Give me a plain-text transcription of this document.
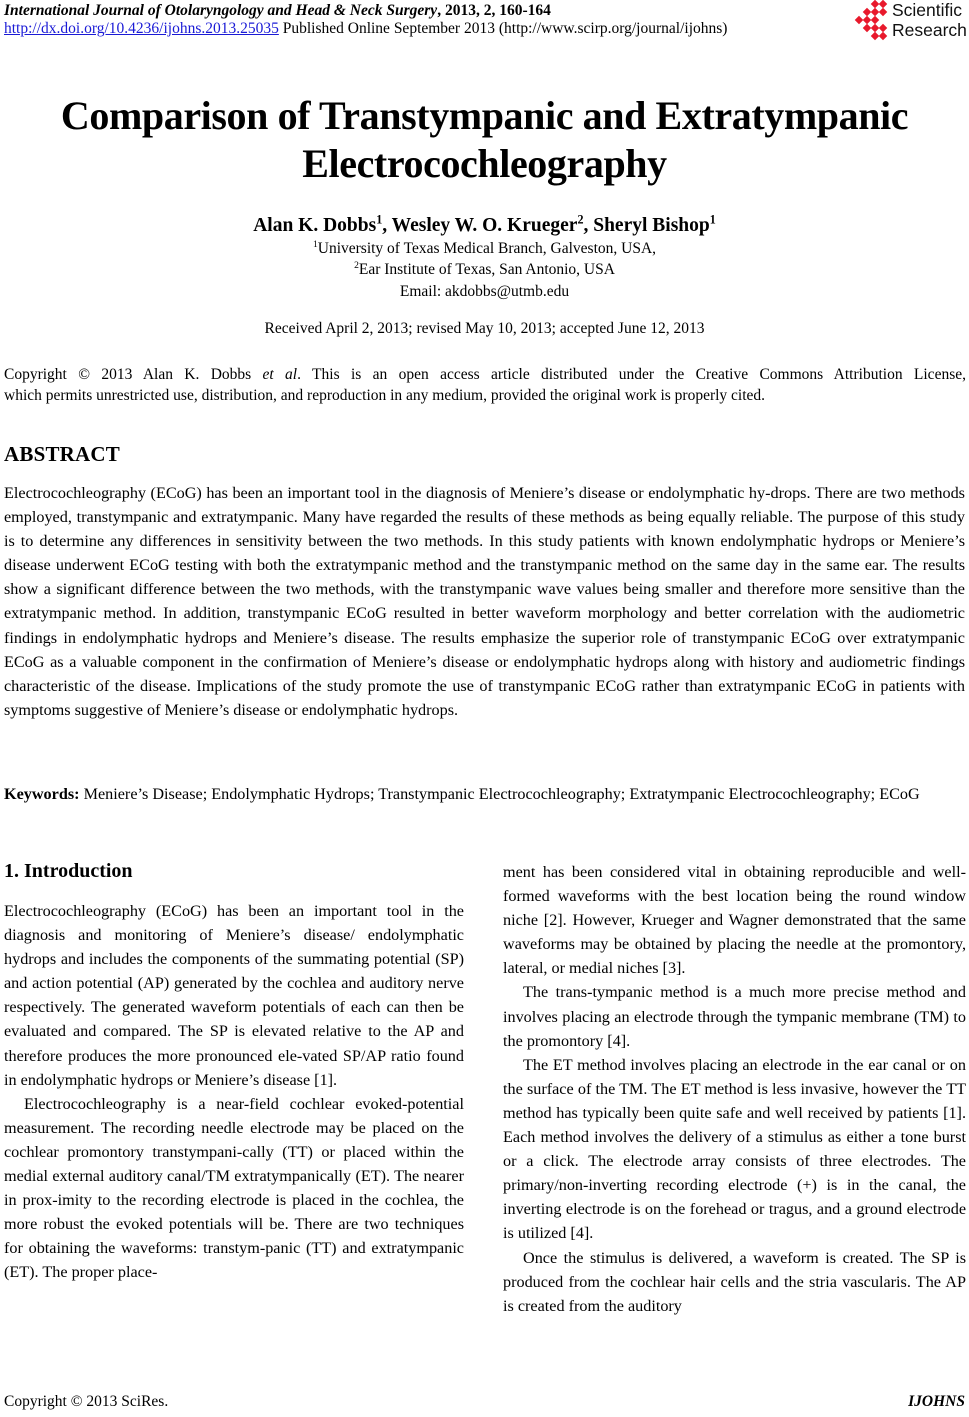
International Journal of Otolaryngology and Head & Neck Surgery, 2013, 2, 160-164
http://dx.doi.org/10.4236/ijohns.2013.25035 Published Online September 2013 (http://www.scirp.org/journal/ijohns)
Scientific
Research
Comparison of Transtympanic and Extratympanic
Electrocochleography
Alan K. Dobbs$^1$, Wesley W. O. Krueger$^2$, Sheryl Bishop$^1$
$^1$University of Texas Medical Branch, Galveston, USA,
$^2$Ear Institute of Texas, San Antonio, USA
Email: akdobbs@utmb.edu
Received April 2, 2013; revised May 10, 2013; accepted June 12, 2013
Copyright © 2013 Alan K. Dobbs et al. This is an open access article distributed under the Creative Commons Attribution License,
which permits unrestricted use, distribution, and reproduction in any medium, provided the original work is properly cited.
ABSTRACT
Electrocochleography (ECoG) has been an important tool in the diagnosis of Meniere’s disease or endolymphatic hy-drops. There are two methods employed, transtympanic and extratympanic. Many have regarded the results of these methods as being equally reliable. The purpose of this study is to determine any differences in sensitivity between the two methods. In this study patients with known endolymphatic hydrops or Meniere’s disease underwent ECoG testing with both the extratympanic method and the transtympanic method on the same day in the same ear. The results show a significant difference between the two methods, with the transtympanic wave values being smaller and therefore more sensitive than the extratympanic method. In addition, transtympanic ECoG resulted in better waveform morphology and better correlation with the audiometric findings in endolymphatic hydrops and Meniere’s disease. The results emphasize the superior role of transtympanic ECoG over extratympanic ECoG as a valuable component in the confirmation of Meniere’s disease or endolymphatic hydrops along with history and audiometric findings characteristic of the disease. Implications of the study promote the use of transtympanic ECoG rather than extratympanic ECoG in patients with symptoms suggestive of Meniere’s disease or endolymphatic hydrops.
Keywords: Meniere’s Disease; Endolymphatic Hydrops; Transtympanic Electrocochleography; Extratympanic Electrocochleography; ECoG
1. Introduction

Electrocochleography (ECoG) has been an important tool in the diagnosis and monitoring of Meniere’s disease/ endolymphatic hydrops and includes the components of the summating potential (SP) and action potential (AP) generated by the cochlea and auditory nerve respectively. The generated waveform potentials of each can then be evaluated and compared. The SP is elevated relative to the AP and therefore produces the more pronounced ele-vated SP/AP ratio found in endolymphatic hydrops or Meniere’s disease [1].

Electrocochleography is a near-field cochlear evoked-potential measurement. The recording needle electrode may be placed on the cochlear promontory transtympani-cally (TT) or placed within the medial external auditory canal/TM extratympanically (ET). The nearer in prox-imity to the recording electrode is placed in the cochlea, the more robust the evoked potentials will be. There are two techniques for obtaining the waveforms: transtym-panic (TT) and extratympanic (ET). The proper place-

ment has been considered vital in obtaining reproducible and well-formed waveforms with the best location being the round window niche [2]. However, Krueger and Wagner demonstrated that the same waveforms may be obtained by placing the needle at the promontory, lateral, or medial niches [3].

The trans-tympanic method is a much more precise method and involves placing an electrode through the tympanic membrane (TM) to the promontory [4].

The ET method involves placing an electrode in the ear canal or on the surface of the TM. The ET method is less invasive, however the TT method has typically been quite safe and well received by patients [1]. Each method involves the delivery of a stimulus as either a tone burst or a click. The electrode array consists of three electrodes. The primary/non-inverting recording electrode (+) is in the canal, the inverting electrode is on the forehead or tragus, and a ground electrode is utilized [4].

Once the stimulus is delivered, a waveform is created. The SP is produced from the cochlear hair cells and the stria vascularis. The AP is created from the auditory

Copyright © 2013 SciRes.	IJOHNS
